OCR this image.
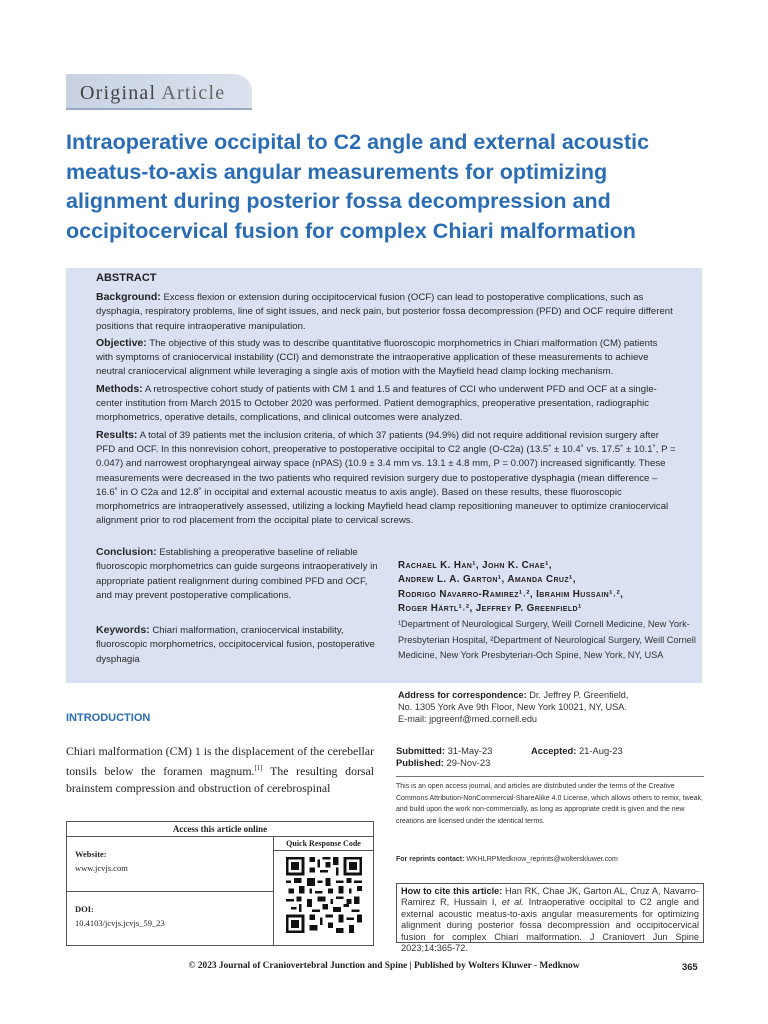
Original Article
Intraoperative occipital to C2 angle and external acoustic meatus-to-axis angular measurements for optimizing alignment during posterior fossa decompression and occipitocervical fusion for complex Chiari malformation
ABSTRACT

Background: Excess flexion or extension during occipitocervical fusion (OCF) can lead to postoperative complications, such as dysphagia, respiratory problems, line of sight issues, and neck pain, but posterior fossa decompression (PFD) and OCF require different positions that require intraoperative manipulation.

Objective: The objective of this study was to describe quantitative fluoroscopic morphometrics in Chiari malformation (CM) patients with symptoms of craniocervical instability (CCI) and demonstrate the intraoperative application of these measurements to achieve neutral craniocervical alignment while leveraging a single axis of motion with the Mayfield head clamp locking mechanism.

Methods: A retrospective cohort study of patients with CM 1 and 1.5 and features of CCI who underwent PFD and OCF at a single-center institution from March 2015 to October 2020 was performed. Patient demographics, preoperative presentation, radiographic morphometrics, operative details, complications, and clinical outcomes were analyzed.

Results: A total of 39 patients met the inclusion criteria, of which 37 patients (94.9%) did not require additional revision surgery after PFD and OCF. In this nonrevision cohort, preoperative to postoperative occipital to C2 angle (O-C2a) (13.5˚ ± 10.4˚ vs. 17.5˚ ± 10.1˚, P = 0.047) and narrowest oropharyngeal airway space (nPAS) (10.9 ± 3.4 mm vs. 13.1 ± 4.8 mm, P = 0.007) increased significantly. These measurements were decreased in the two patients who required revision surgery due to postoperative dysphagia (mean difference – 16.6˚ in O C2a and 12.8˚ in occipital and external acoustic meatus to axis angle). Based on these results, these fluoroscopic morphometrics are intraoperatively assessed, utilizing a locking Mayfield head clamp repositioning maneuver to optimize craniocervical alignment prior to rod placement from the occipital plate to cervical screws.

Conclusion: Establishing a preoperative baseline of reliable fluoroscopic morphometrics can guide surgeons intraoperatively in appropriate patient realignment during combined PFD and OCF, and may prevent postoperative complications.

Keywords: Chiari malformation, craniocervical instability, fluoroscopic morphometrics, occipitocervical fusion, postoperative dysphagia

Rachael K. Han¹, John K. Chae¹,
Andrew L. A. Garton¹, Amanda Cruz¹,
Rodrigo Navarro-Ramirez¹˒², Ibrahim Hussain¹˒²,
Roger Härtl¹˒², Jeffrey P. Greenfield¹
¹Department of Neurological Surgery, Weill Cornell Medicine, New York-Presbyterian Hospital, ²Department of Neurological Surgery, Weill Cornell Medicine, New York Presbyterian-Och Spine, New York, NY, USA
Address for correspondence: Dr. Jeffrey P. Greenfield,
No. 1305 York Ave 9th Floor, New York 10021, NY, USA.
E-mail: jpgreenf@med.cornell.edu
INTRODUCTION
Chiari malformation (CM) 1 is the displacement of the cerebellar tonsils below the foramen magnum.[1] The resulting dorsal brainstem compression and obstruction of cerebrospinal
Submitted: 31-May-23	Accepted: 21-Aug-23
Published: 29-Nov-23
This is an open access journal, and articles are distributed under the terms of the Creative Commons Attribution-NonCommercial-ShareAlike 4.0 License, which allows others to remix, tweak, and build upon the work non-commercially, as long as appropriate credit is given and the new creations are licensed under the identical terms.
For reprints contact: WKHLRPMedknow_reprints@wolterskluwer.com
How to cite this article: Han RK, Chae JK, Garton AL, Cruz A, Navarro-Ramirez R, Hussain I, et al. Intraoperative occipital to C2 angle and external acoustic meatus-to-axis angular measurements for optimizing alignment during posterior fossa decompression and occipitocervical fusion for complex Chiari malformation. J Craniovert Jun Spine 2023;14:365-72.
Access this article online
Website:
www.jcvjs.com
DOI:
10.4103/jcvjs.jcvjs_59_23
Quick Response Code
© 2023 Journal of Craniovertebral Junction and Spine | Published by Wolters Kluwer - Medknow	365
